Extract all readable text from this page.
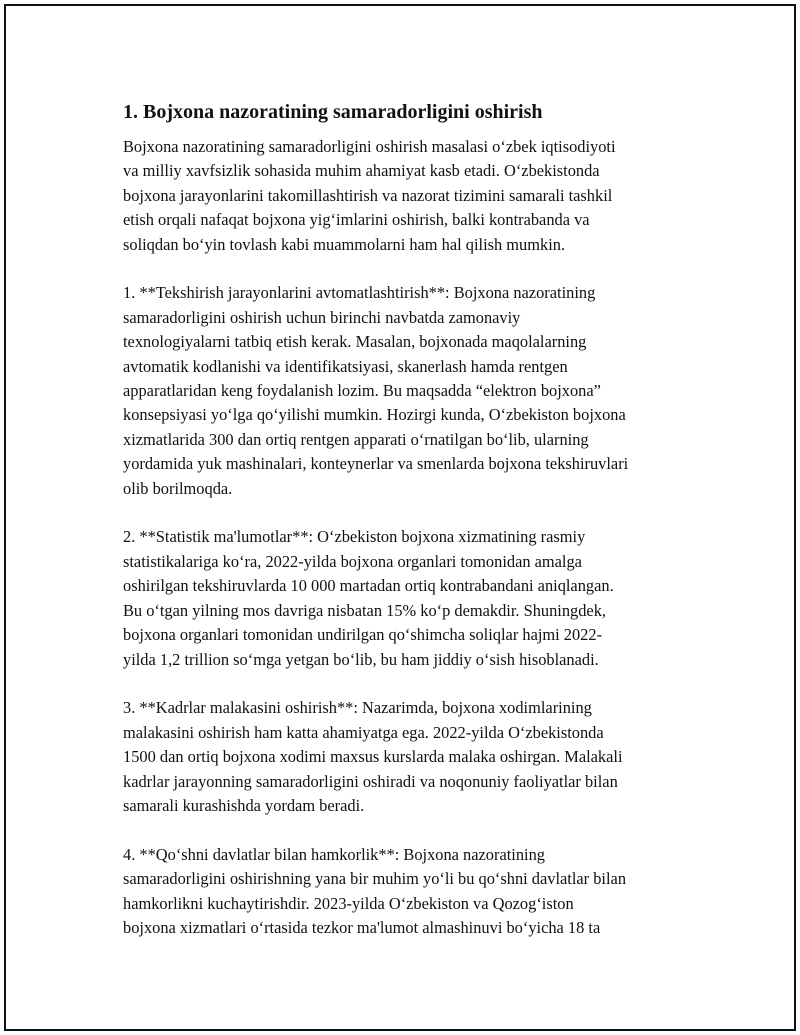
1. Bojxona nazoratining samaradorligini oshirish

Bojxona nazoratining samaradorligini oshirish masalasi o‘zbek iqtisodiyoti
va milliy xavfsizlik sohasida muhim ahamiyat kasb etadi. O‘zbekistonda
bojxona jarayonlarini takomillashtirish va nazorat tizimini samarali tashkil
etish orqali nafaqat bojxona yig‘imlarini oshirish, balki kontrabanda va
soliqdan bo‘yin tovlash kabi muammolarni ham hal qilish mumkin.

1. **Tekshirish jarayonlarini avtomatlashtirish**: Bojxona nazoratining
samaradorligini oshirish uchun birinchi navbatda zamonaviy
texnologiyalarni tatbiq etish kerak. Masalan, bojxonada maqolalarning
avtomatik kodlanishi va identifikatsiyasi, skanerlash hamda rentgen
apparatlaridan keng foydalanish lozim. Bu maqsadda “elektron bojxona”
konsepsiyasi yo‘lga qo‘yilishi mumkin. Hozirgi kunda, O‘zbekiston bojxona
xizmatlarida 300 dan ortiq rentgen apparati o‘rnatilgan bo‘lib, ularning
yordamida yuk mashinalari, konteynerlar va smenlarda bojxona tekshiruvlari
olib borilmoqda.

2. **Statistik ma'lumotlar**: O‘zbekiston bojxona xizmatining rasmiy
statistikalariga ko‘ra, 2022-yilda bojxona organlari tomonidan amalga
oshirilgan tekshiruvlarda 10 000 martadan ortiq kontrabandani aniqlangan.
Bu o‘tgan yilning mos davriga nisbatan 15% ko‘p demakdir. Shuningdek,
bojxona organlari tomonidan undirilgan qo‘shimcha soliqlar hajmi 2022-
yilda 1,2 trillion so‘mga yetgan bo‘lib, bu ham jiddiy o‘sish hisoblanadi.

3. **Kadrlar malakasini oshirish**: Nazarimda, bojxona xodimlarining
malakasini oshirish ham katta ahamiyatga ega. 2022-yilda O‘zbekistonda
1500 dan ortiq bojxona xodimi maxsus kurslarda malaka oshirgan. Malakali
kadrlar jarayonning samaradorligini oshiradi va noqonuniy faoliyatlar bilan
samarali kurashishda yordam beradi.

4. **Qo‘shni davlatlar bilan hamkorlik**: Bojxona nazoratining
samaradorligini oshirishning yana bir muhim yo‘li bu qo‘shni davlatlar bilan
hamkorlikni kuchaytirishdir. 2023-yilda O‘zbekiston va Qozog‘iston
bojxona xizmatlari o‘rtasida tezkor ma'lumot almashinuvi bo‘yicha 18 ta
